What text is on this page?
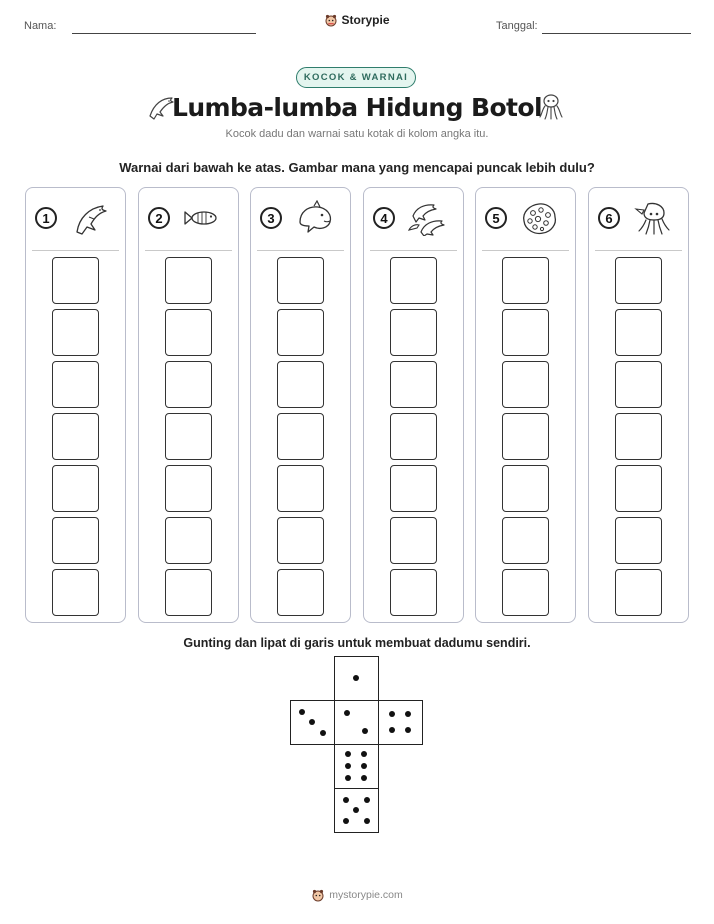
Nama:	Storypie	Tanggal:
KOCOK & WARNAI
Lumba-lumba Hidung Botol
Kocok dadu dan warnai satu kotak di kolom angka itu.
Warnai dari bawah ke atas. Gambar mana yang mencapai puncak lebih dulu?
1	2	3	4	5	6
Gunting dan lipat di garis untuk membuat dadumu sendiri.
mystorypie.com
